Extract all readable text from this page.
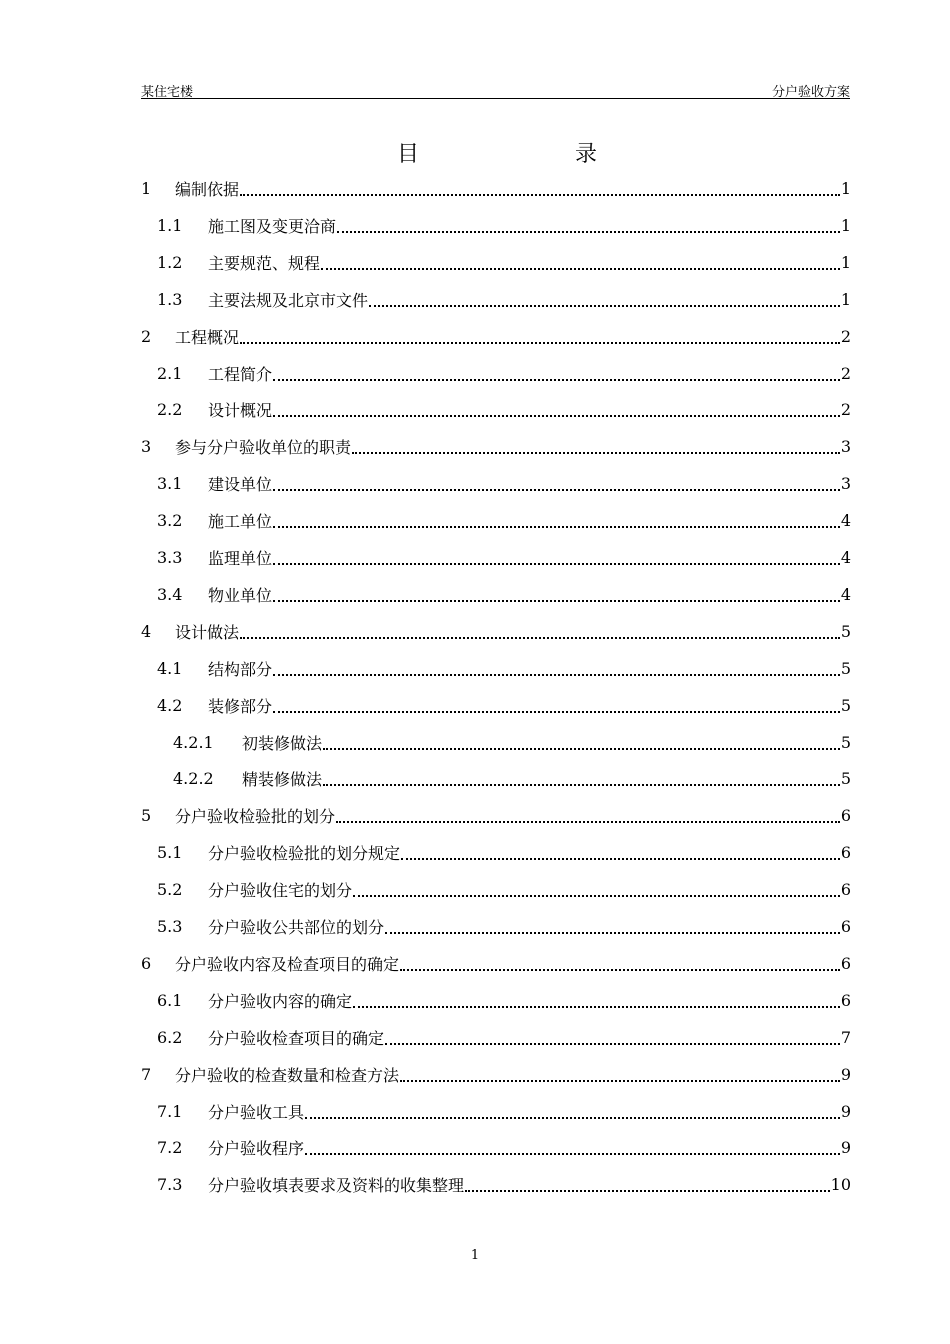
某住宅楼	分户验收方案
目	录
1	编制依据	1
1.1	施工图及变更洽商	1
1.2	主要规范、规程	1
1.3	主要法规及北京市文件	1
2	工程概况	2
2.1	工程简介	2
2.2	设计概况	2
3	参与分户验收单位的职责	3
3.1	建设单位	3
3.2	施工单位	4
3.3	监理单位	4
3.4	物业单位	4
4	设计做法	5
4.1	结构部分	5
4.2	装修部分	5
4.2.1	初装修做法	5
4.2.2	精装修做法	5
5	分户验收检验批的划分	6
5.1	分户验收检验批的划分规定	6
5.2	分户验收住宅的划分	6
5.3	分户验收公共部位的划分	6
6	分户验收内容及检查项目的确定	6
6.1	分户验收内容的确定	6
6.2	分户验收检查项目的确定	7
7	分户验收的检查数量和检查方法	9
7.1	分户验收工具	9
7.2	分户验收程序	9
7.3	分户验收填表要求及资料的收集整理	10
1
